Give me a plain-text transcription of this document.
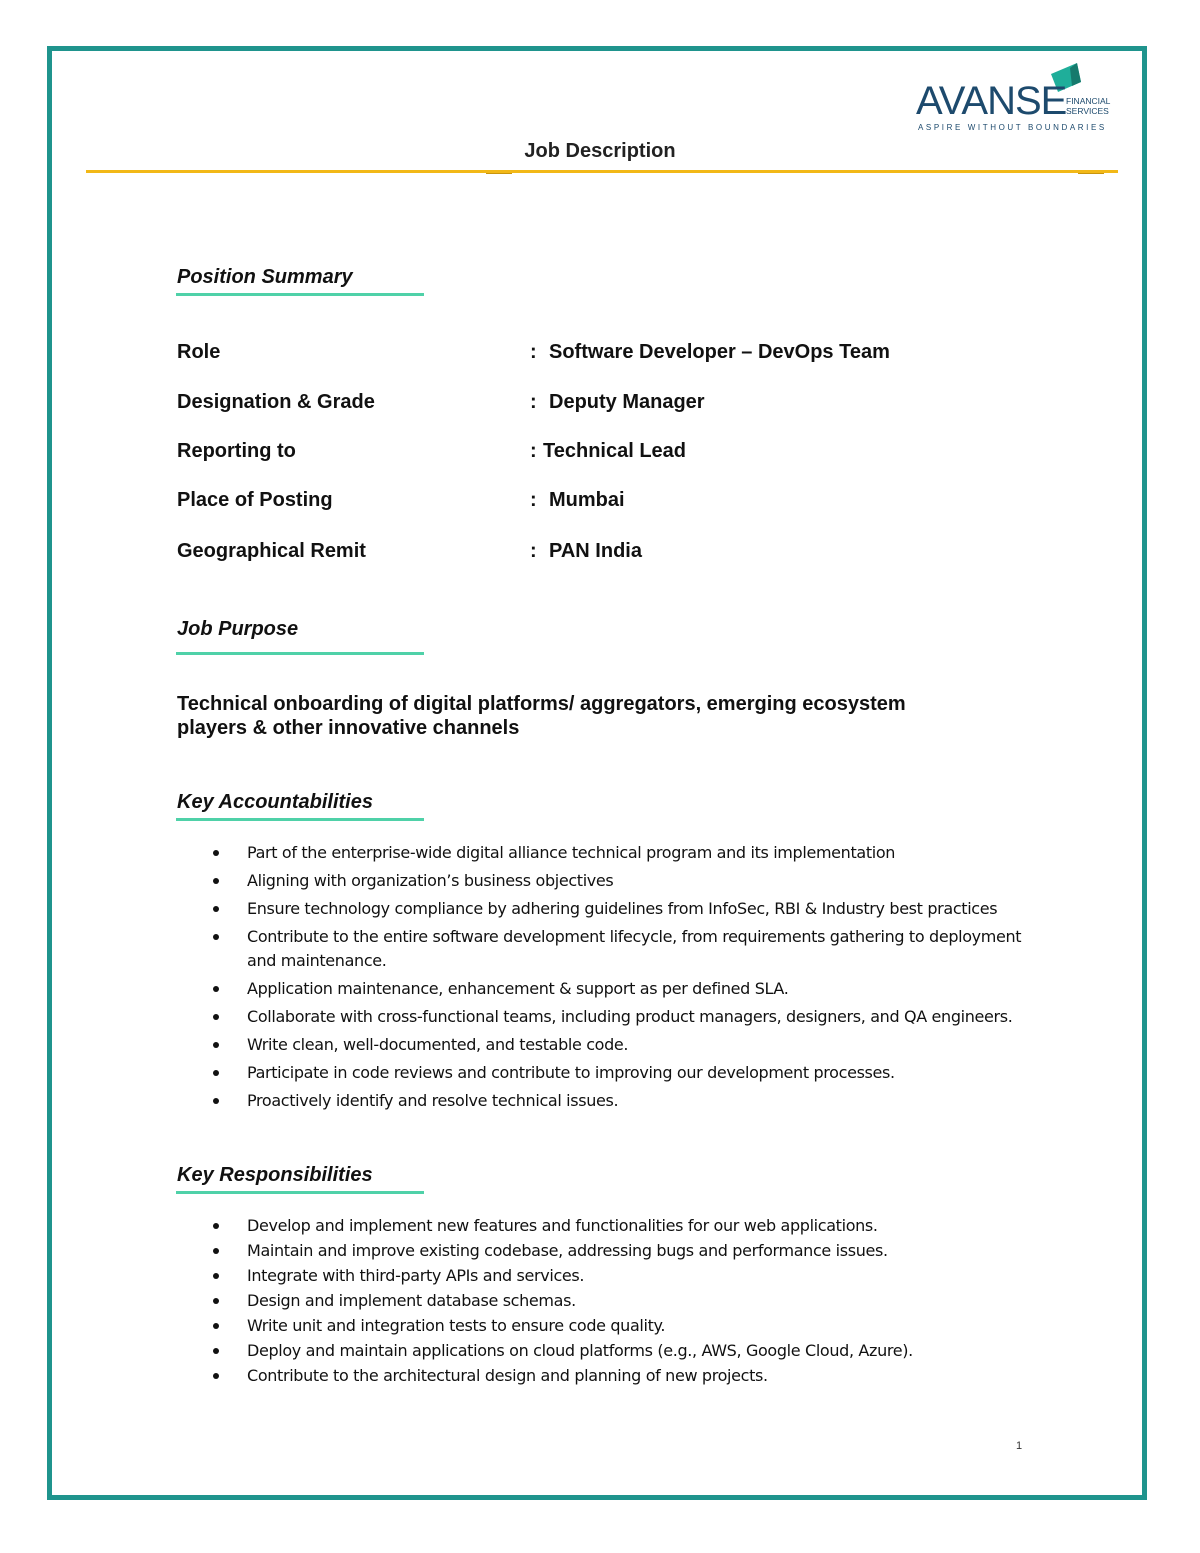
AVANSE FINANCIAL
SERVICES
ASPIRE WITHOUT BOUNDARIES
Job Description
Position Summary
Role	: Software Developer – DevOps Team
Designation & Grade	: Deputy Manager
Reporting to	: Technical Lead
Place of Posting	: Mumbai
Geographical Remit	: PAN India
Job Purpose
Technical onboarding of digital platforms/ aggregators, emerging ecosystem
players & other innovative channels
Key Accountabilities
Part of the enterprise-wide digital alliance technical program and its implementation
Aligning with organization’s business objectives
Ensure technology compliance by adhering guidelines from InfoSec, RBI & Industry best practices
Contribute to the entire software development lifecycle, from requirements gathering to deployment and maintenance.
Application maintenance, enhancement & support as per defined SLA.
Collaborate with cross-functional teams, including product managers, designers, and QA engineers.
Write clean, well-documented, and testable code.
Participate in code reviews and contribute to improving our development processes.
Proactively identify and resolve technical issues.
Key Responsibilities
Develop and implement new features and functionalities for our web applications.
Maintain and improve existing codebase, addressing bugs and performance issues.
Integrate with third-party APIs and services.
Design and implement database schemas.
Write unit and integration tests to ensure code quality.
Deploy and maintain applications on cloud platforms (e.g., AWS, Google Cloud, Azure).
Contribute to the architectural design and planning of new projects.
1
